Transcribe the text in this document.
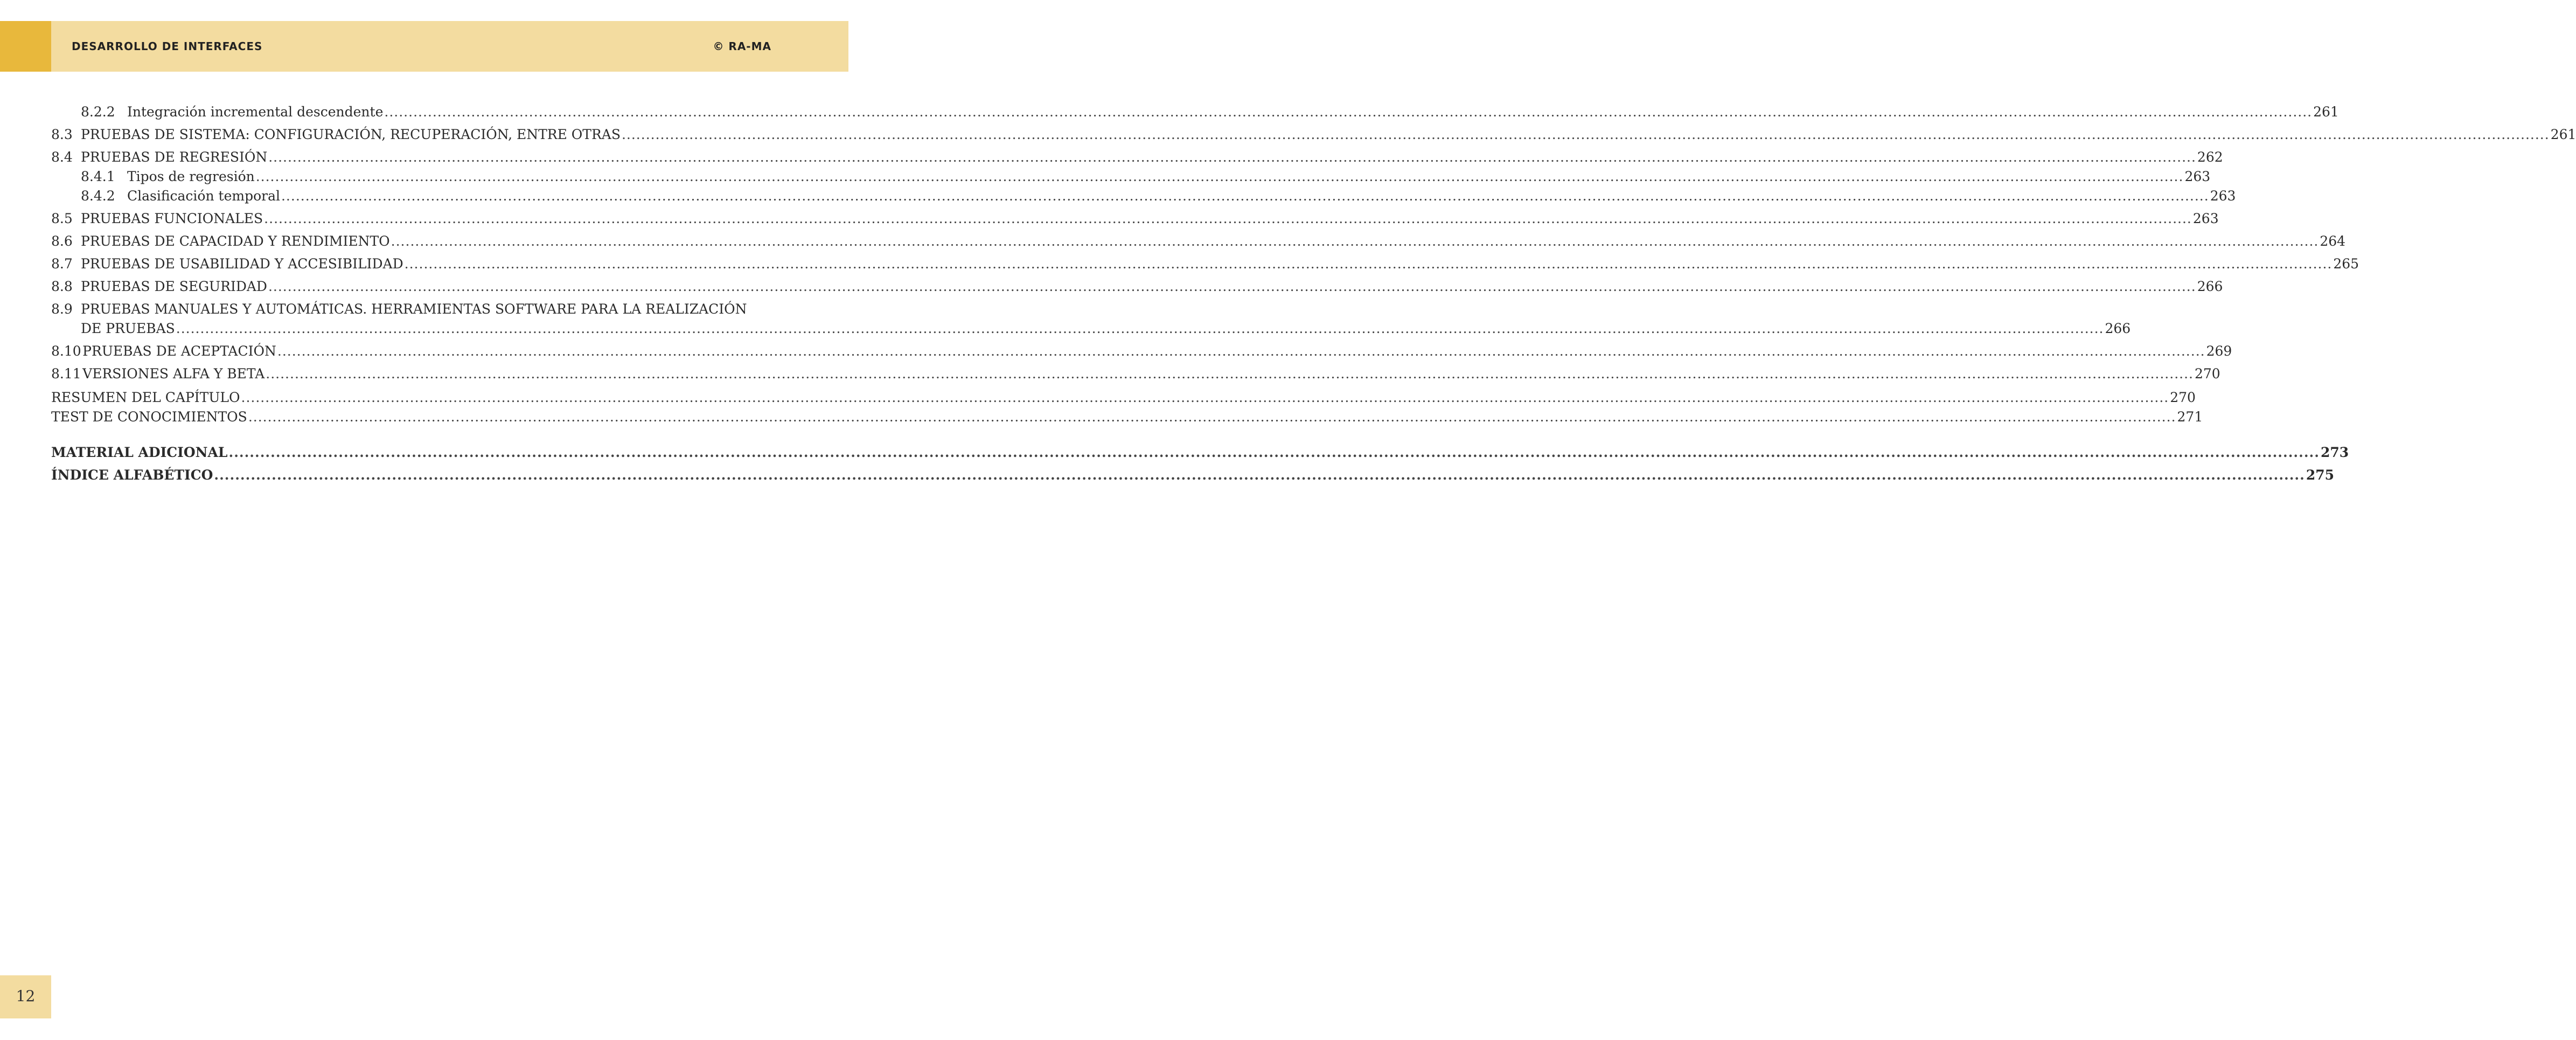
DESARROLLO DE INTERFACES	© RA-MA
8.2.2 Integración incremental descendente ................................................................................................................................................................................................................................................................................................................................................................................................................ 261
8.3 PRUEBAS DE SISTEMA: CONFIGURACIÓN, RECUPERACIÓN, ENTRE OTRAS ................................................................................................................................................................................................................................................................................................................................................................................................................ 261
8.4 PRUEBAS DE REGRESIÓN ................................................................................................................................................................................................................................................................................................................................................................................................................ 262
8.4.1 Tipos de regresión ................................................................................................................................................................................................................................................................................................................................................................................................................ 263
8.4.2 Clasificación temporal ................................................................................................................................................................................................................................................................................................................................................................................................................ 263
8.5 PRUEBAS FUNCIONALES ................................................................................................................................................................................................................................................................................................................................................................................................................ 263
8.6 PRUEBAS DE CAPACIDAD Y RENDIMIENTO ................................................................................................................................................................................................................................................................................................................................................................................................................ 264
8.7 PRUEBAS DE USABILIDAD Y ACCESIBILIDAD ................................................................................................................................................................................................................................................................................................................................................................................................................ 265
8.8 PRUEBAS DE SEGURIDAD ................................................................................................................................................................................................................................................................................................................................................................................................................ 266
8.9 PRUEBAS MANUALES Y AUTOMÁTICAS. HERRAMIENTAS SOFTWARE PARA LA REALIZACIÓN
DE PRUEBAS ................................................................................................................................................................................................................................................................................................................................................................................................................ 266
8.10  PRUEBAS DE ACEPTACIÓN ................................................................................................................................................................................................................................................................................................................................................................................................................ 269
8.11  VERSIONES ALFA Y BETA ................................................................................................................................................................................................................................................................................................................................................................................................................ 270
RESUMEN DEL CAPÍTULO ................................................................................................................................................................................................................................................................................................................................................................................................................ 270
TEST DE CONOCIMIENTOS ................................................................................................................................................................................................................................................................................................................................................................................................................ 271
MATERIAL ADICIONAL ................................................................................................................................................................................................................................................................................................................................................................................................................ 273
ÍNDICE ALFABÉTICO ................................................................................................................................................................................................................................................................................................................................................................................................................ 275
12
